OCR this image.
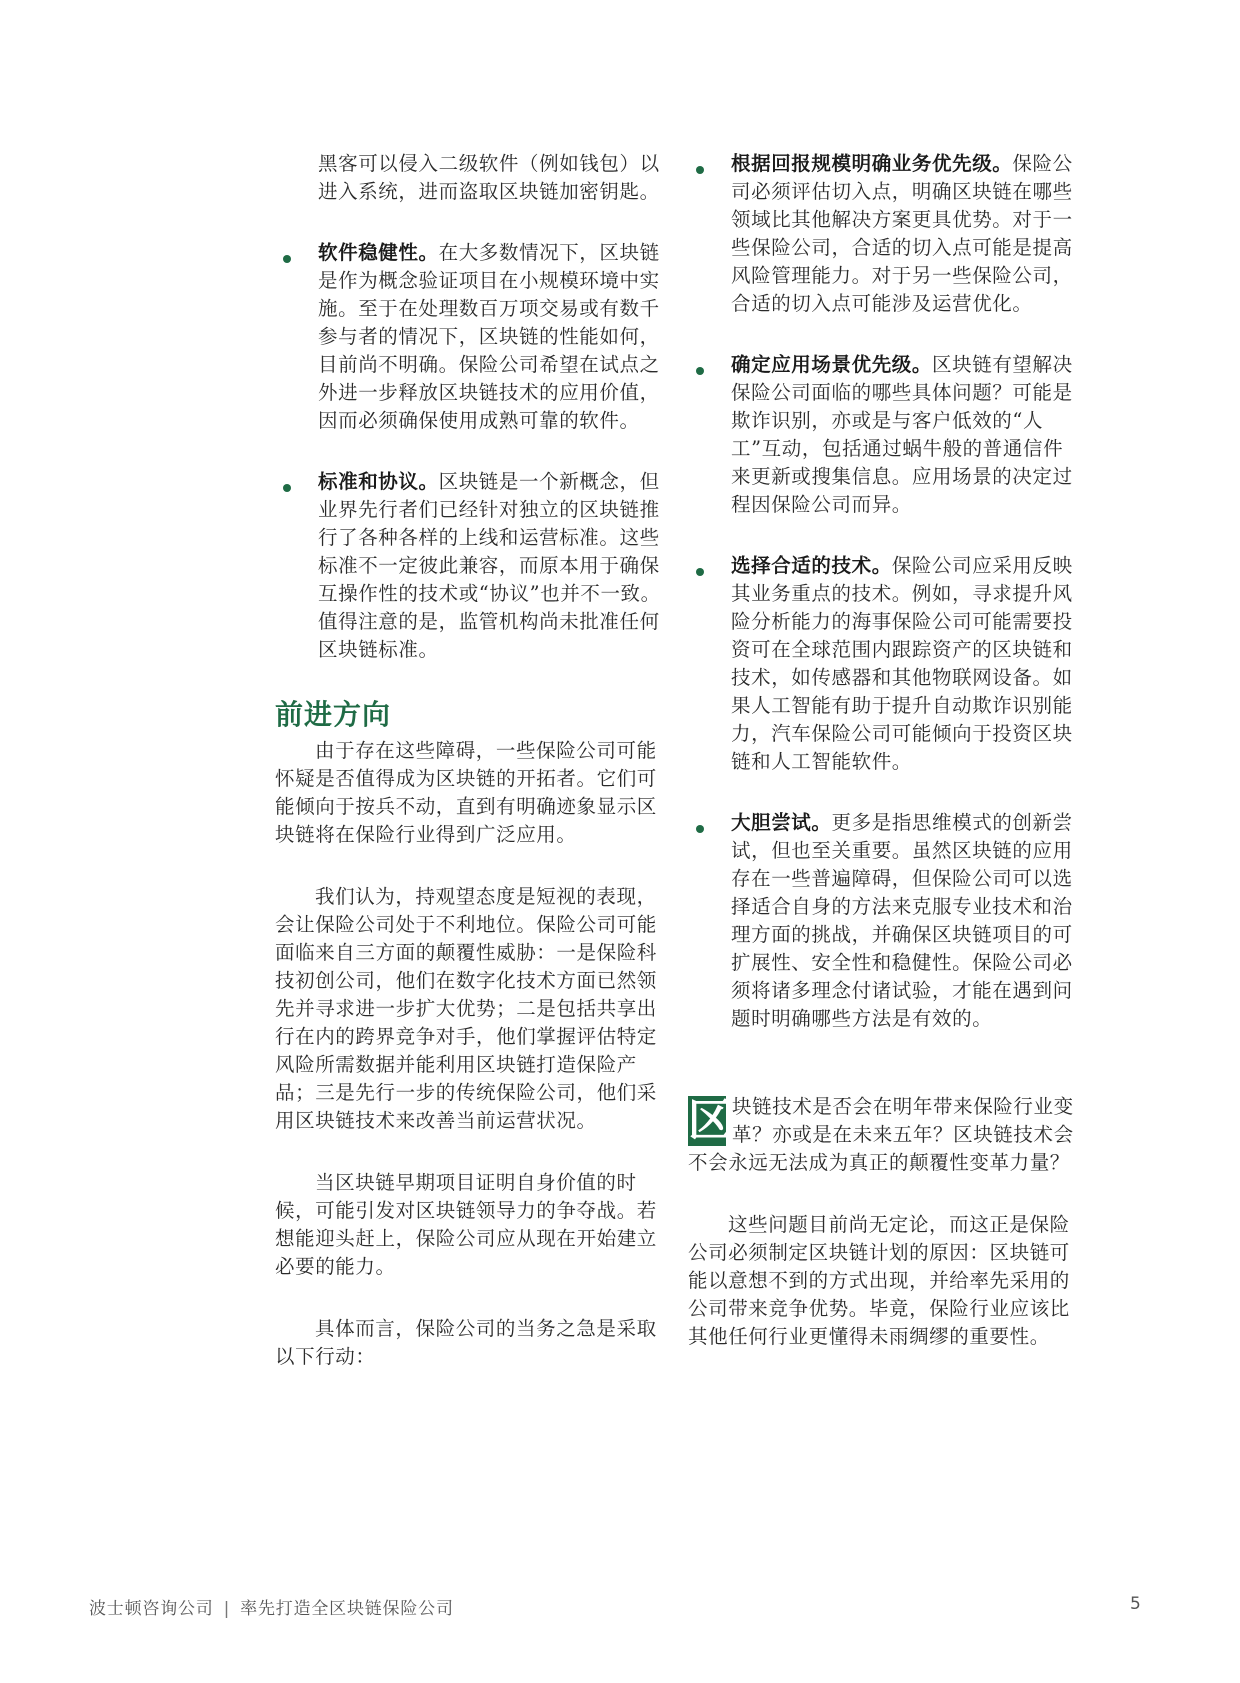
黑客可以侵入二级软件（例如钱包）以进入系统，进而盗取区块链加密钥匙。

软件稳健性。在大多数情况下，区块链是作为概念验证项目在小规模环境中实施。至于在处理数百万项交易或有数千参与者的情况下，区块链的性能如何，目前尚不明确。保险公司希望在试点之外进一步释放区块链技术的应用价值，因而必须确保使用成熟可靠的软件。

标准和协议。区块链是一个新概念，但业界先行者们已经针对独立的区块链推行了各种各样的上线和运营标准。这些标准不一定彼此兼容，而原本用于确保互操作性的技术或“协议”也并不一致。值得注意的是，监管机构尚未批准任何区块链标准。

前进方向

由于存在这些障碍，一些保险公司可能怀疑是否值得成为区块链的开拓者。它们可能倾向于按兵不动，直到有明确迹象显示区块链将在保险行业得到广泛应用。

我们认为，持观望态度是短视的表现，会让保险公司处于不利地位。保险公司可能面临来自三方面的颠覆性威胁：一是保险科技初创公司，他们在数字化技术方面已然领先并寻求进一步扩大优势；二是包括共享出行在内的跨界竞争对手，他们掌握评估特定风险所需数据并能利用区块链打造保险产品；三是先行一步的传统保险公司，他们采用区块链技术来改善当前运营状况。

当区块链早期项目证明自身价值的时候，可能引发对区块链领导力的争夺战。若想能迎头赶上，保险公司应从现在开始建立必要的能力。

具体而言，保险公司的当务之急是采取以下行动：

根据回报规模明确业务优先级。保险公司必须评估切入点，明确区块链在哪些领域比其他解决方案更具优势。对于一些保险公司，合适的切入点可能是提高风险管理能力。对于另一些保险公司，合适的切入点可能涉及运营优化。

确定应用场景优先级。区块链有望解决保险公司面临的哪些具体问题？可能是欺诈识别，亦或是与客户低效的“人工”互动，包括通过蜗牛般的普通信件来更新或搜集信息。应用场景的决定过程因保险公司而异。

选择合适的技术。保险公司应采用反映其业务重点的技术。例如，寻求提升风险分析能力的海事保险公司可能需要投资可在全球范围内跟踪资产的区块链和技术，如传感器和其他物联网设备。如果人工智能有助于提升自动欺诈识别能力，汽车保险公司可能倾向于投资区块链和人工智能软件。

大胆尝试。更多是指思维模式的创新尝试，但也至关重要。虽然区块链的应用存在一些普遍障碍，但保险公司可以选择适合自身的方法来克服专业技术和治理方面的挑战，并确保区块链项目的可扩展性、安全性和稳健性。保险公司必须将诸多理念付诸试验，才能在遇到问题时明确哪些方法是有效的。

区 块链技术是否会在明年带来保险行业变革？亦或是在未来五年？区块链技术会不会永远无法成为真正的颠覆性变革力量？

这些问题目前尚无定论，而这正是保险公司必须制定区块链计划的原因：区块链可能以意想不到的方式出现，并给率先采用的公司带来竞争优势。毕竟，保险行业应该比其他任何行业更懂得未雨绸缪的重要性。

波士顿咨询公司 | 率先打造全区块链保险公司	5
